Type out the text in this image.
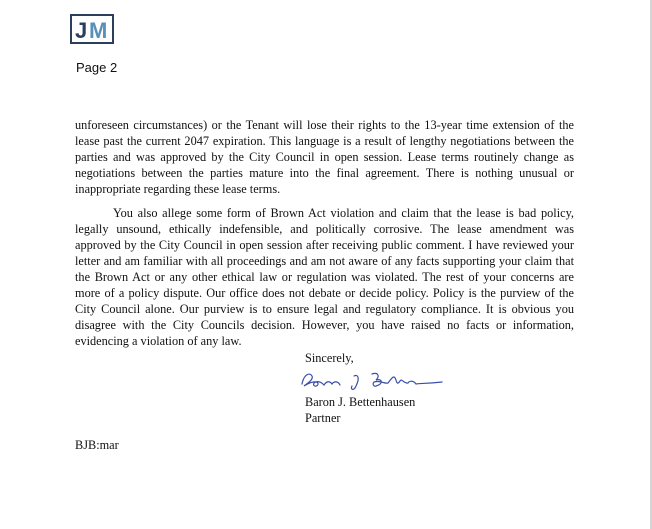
J M
Page 2

unforeseen circumstances) or the Tenant will lose their rights to the 13-year time extension of the lease past the current 2047 expiration. This language is a result of lengthy negotiations between the parties and was approved by the City Council in open session. Lease terms routinely change as negotiations between the parties mature into the final agreement. There is nothing unusual or inappropriate regarding these lease terms.

You also allege some form of Brown Act violation and claim that the lease is bad policy, legally unsound, ethically indefensible, and politically corrosive. The lease amendment was approved by the City Council in open session after receiving public comment. I have reviewed your letter and am familiar with all proceedings and am not aware of any facts supporting your claim that the Brown Act or any other ethical law or regulation was violated. The rest of your concerns are more of a policy dispute. Our office does not debate or decide policy. Policy is the purview of the City Council alone. Our purview is to ensure legal and regulatory compliance. It is obvious you disagree with the City Councils decision. However, you have raised no facts or information, evidencing a violation of any law.

Sincerely,
Baron J. Bettenhausen
Partner
BJB:mar
